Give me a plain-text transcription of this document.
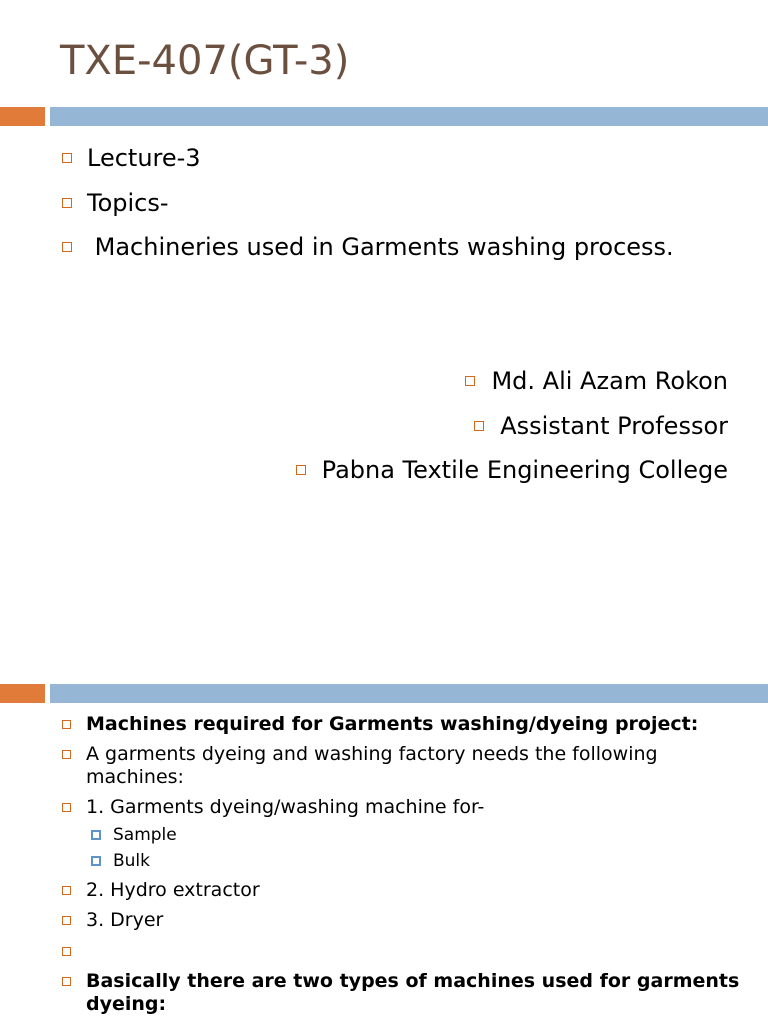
TXE-407(GT-3)
Lecture-3
Topics-
Machineries used in Garments washing process.
Md. Ali Azam Rokon
Assistant Professor
Pabna Textile Engineering College
Machines required for Garments washing/dyeing project:
A garments dyeing and washing factory needs the following
machines:
1. Garments dyeing/washing machine for-
Sample
Bulk
2. Hydro extractor
3. Dryer
Basically there are two types of machines used for garments
dyeing:
